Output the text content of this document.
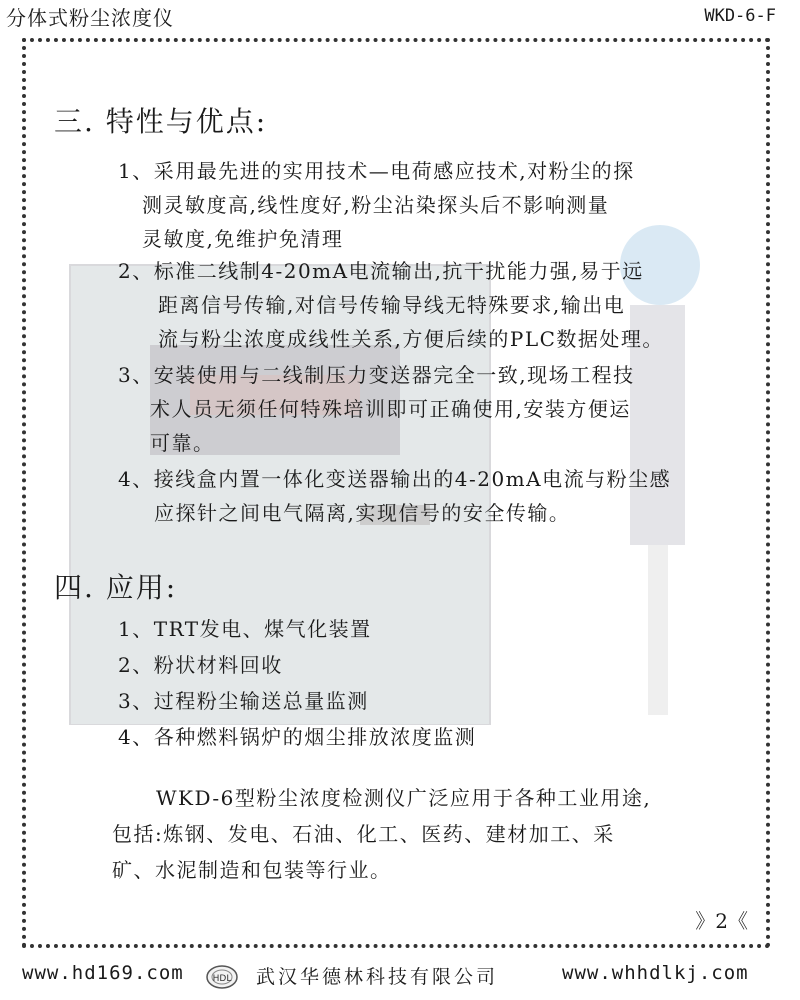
分体式粉尘浓度仪	WKD-6-F
三. 特性与优点:
1、采用最先进的实用技术—电荷感应技术,对粉尘的探
测灵敏度高,线性度好,粉尘沾染探头后不影响测量
灵敏度,免维护免清理
2、标准二线制4-20mA电流输出,抗干扰能力强,易于远
距离信号传输,对信号传输导线无特殊要求,输出电
流与粉尘浓度成线性关系,方便后续的PLC数据处理。
3、安装使用与二线制压力变送器完全一致,现场工程技
术人员无须任何特殊培训即可正确使用,安装方便运
可靠。
4、接线盒内置一体化变送器输出的4-20mA电流与粉尘感
应探针之间电气隔离,实现信号的安全传输。
四. 应用:
1、TRT发电、煤气化装置
2、粉状材料回收
3、过程粉尘输送总量监测
4、各种燃料锅炉的烟尘排放浓度监测
WKD-6型粉尘浓度检测仪广泛应用于各种工业用途,
包括:炼钢、发电、石油、化工、医药、建材加工、采
矿、水泥制造和包装等行业。
》2《
www.hd169.com	HDL 武汉华德林科技有限公司	www.whhdlkj.com
